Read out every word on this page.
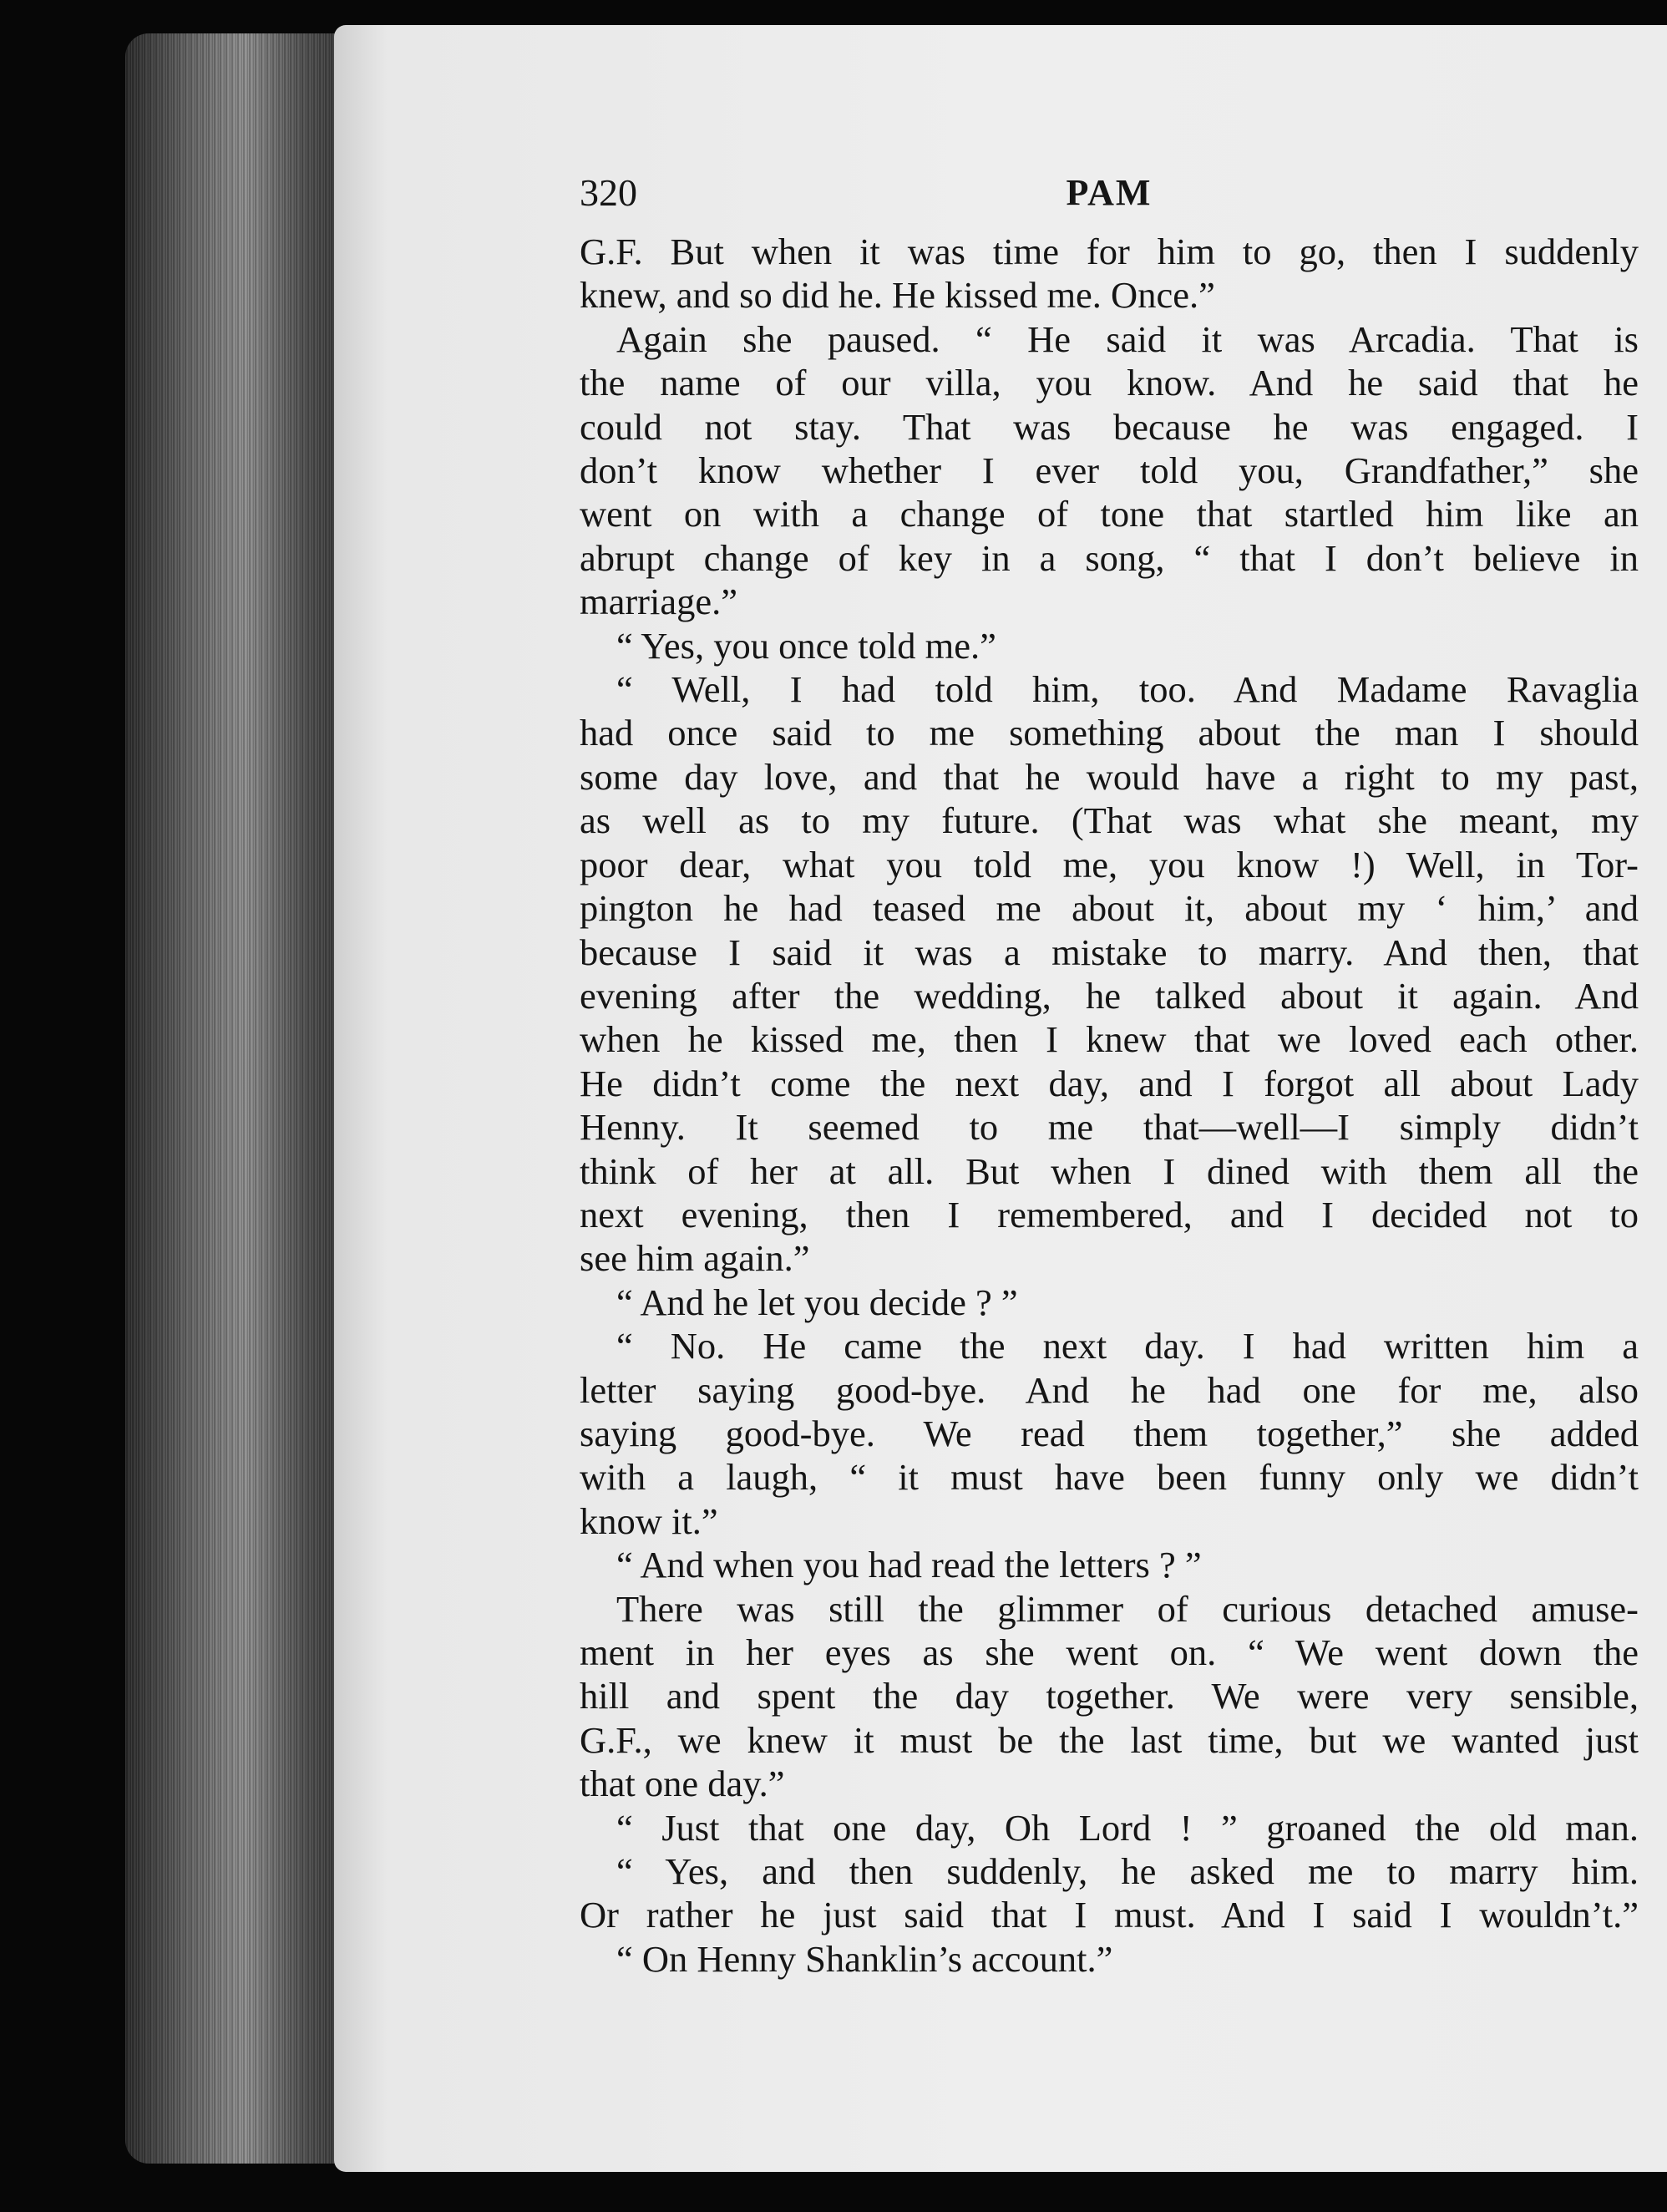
320	PAM
G.F. But when it was time for him to go, then I suddenly
knew, and so did he. He kissed me. Once.”
Again she paused. “ He said it was Arcadia. That is
the name of our villa, you know. And he said that he
could not stay. That was because he was engaged. I
don’t know whether I ever told you, Grandfather,” she
went on with a change of tone that startled him like an
abrupt change of key in a song, “ that I don’t believe in
marriage.”
“ Yes, you once told me.”
“ Well, I had told him, too. And Madame Ravaglia
had once said to me something about the man I should
some day love, and that he would have a right to my past,
as well as to my future. (That was what she meant, my
poor dear, what you told me, you know !) Well, in Tor-
pington he had teased me about it, about my ‘ him,’ and
because I said it was a mistake to marry. And then, that
evening after the wedding, he talked about it again. And
when he kissed me, then I knew that we loved each other.
He didn’t come the next day, and I forgot all about Lady
Henny. It seemed to me that—well—I simply didn’t
think of her at all. But when I dined with them all the
next evening, then I remembered, and I decided not to
see him again.”
“ And he let you decide ? ”
“ No. He came the next day. I had written him a
letter saying good-bye. And he had one for me, also
saying good-bye. We read them together,” she added
with a laugh, “ it must have been funny only we didn’t
know it.”
“ And when you had read the letters ? ”
There was still the glimmer of curious detached amuse-
ment in her eyes as she went on. “ We went down the
hill and spent the day together. We were very sensible,
G.F., we knew it must be the last time, but we wanted just
that one day.”
“ Just that one day, Oh Lord ! ” groaned the old man.
“ Yes, and then suddenly, he asked me to marry him.
Or rather he just said that I must. And I said I wouldn’t.”
“ On Henny Shanklin’s account.”
